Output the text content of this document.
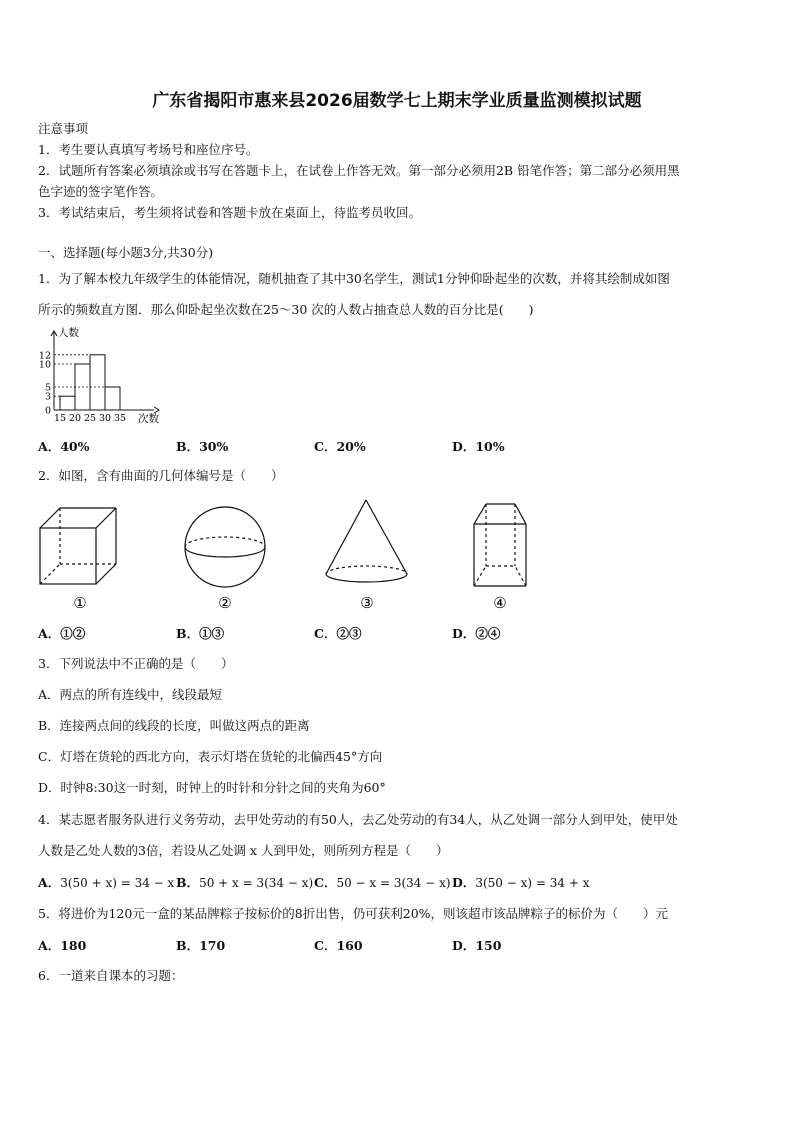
广东省揭阳市惠来县2026届数学七上期末学业质量监测模拟试题
注意事项
1．考生要认真填写考场号和座位序号。
2．试题所有答案必须填涂或书写在答题卡上，在试卷上作答无效。第一部分必须用2B 铅笔作答；第二部分必须用黑
色字迹的签字笔作答。
3．考试结束后，考生须将试卷和答题卡放在桌面上，待监考员收回。
一、选择题(每小题3分,共30分)
1．为了解本校九年级学生的体能情况，随机抽查了其中30名学生，测试1分钟仰卧起坐的次数，并将其绘制成如图
所示的频数直方图．那么仰卧起坐次数在25～30 次的人数占抽查总人数的百分比是(　　)
0
3
5
10
12
15 20 25 30 35
人数
次数
A．40%	B．30%	C．20%	D．10%
2．如图，含有曲面的几何体编号是（　　）
①	②	③	④
A．①②	B．①③	C．②③	D．②④
3．下列说法中不正确的是（　　）
A．两点的所有连线中，线段最短
B．连接两点间的线段的长度，叫做这两点的距离
C．灯塔在货轮的西北方向，表示灯塔在货轮的北偏西45°方向
D．时钟8:30这一时刻，时钟上的时针和分针之间的夹角为60°
4．某志愿者服务队进行义务劳动，去甲处劳动的有50人，去乙处劳动的有34人，从乙处调一部分人到甲处，使甲处
人数是乙处人数的3倍，若设从乙处调 x 人到甲处，则所列方程是（　　）
A．3(50 + x) = 34 − x B．50 + x = 3(34 − x) C．50 − x = 3(34 − x) D．3(50 − x) = 34 + x
5．将进价为120元一盒的某品牌粽子按标价的8折出售，仍可获利20%，则该超市该品牌粽子的标价为（　　）元
A．180	B．170	C．160	D．150
6．一道来自课本的习题：
